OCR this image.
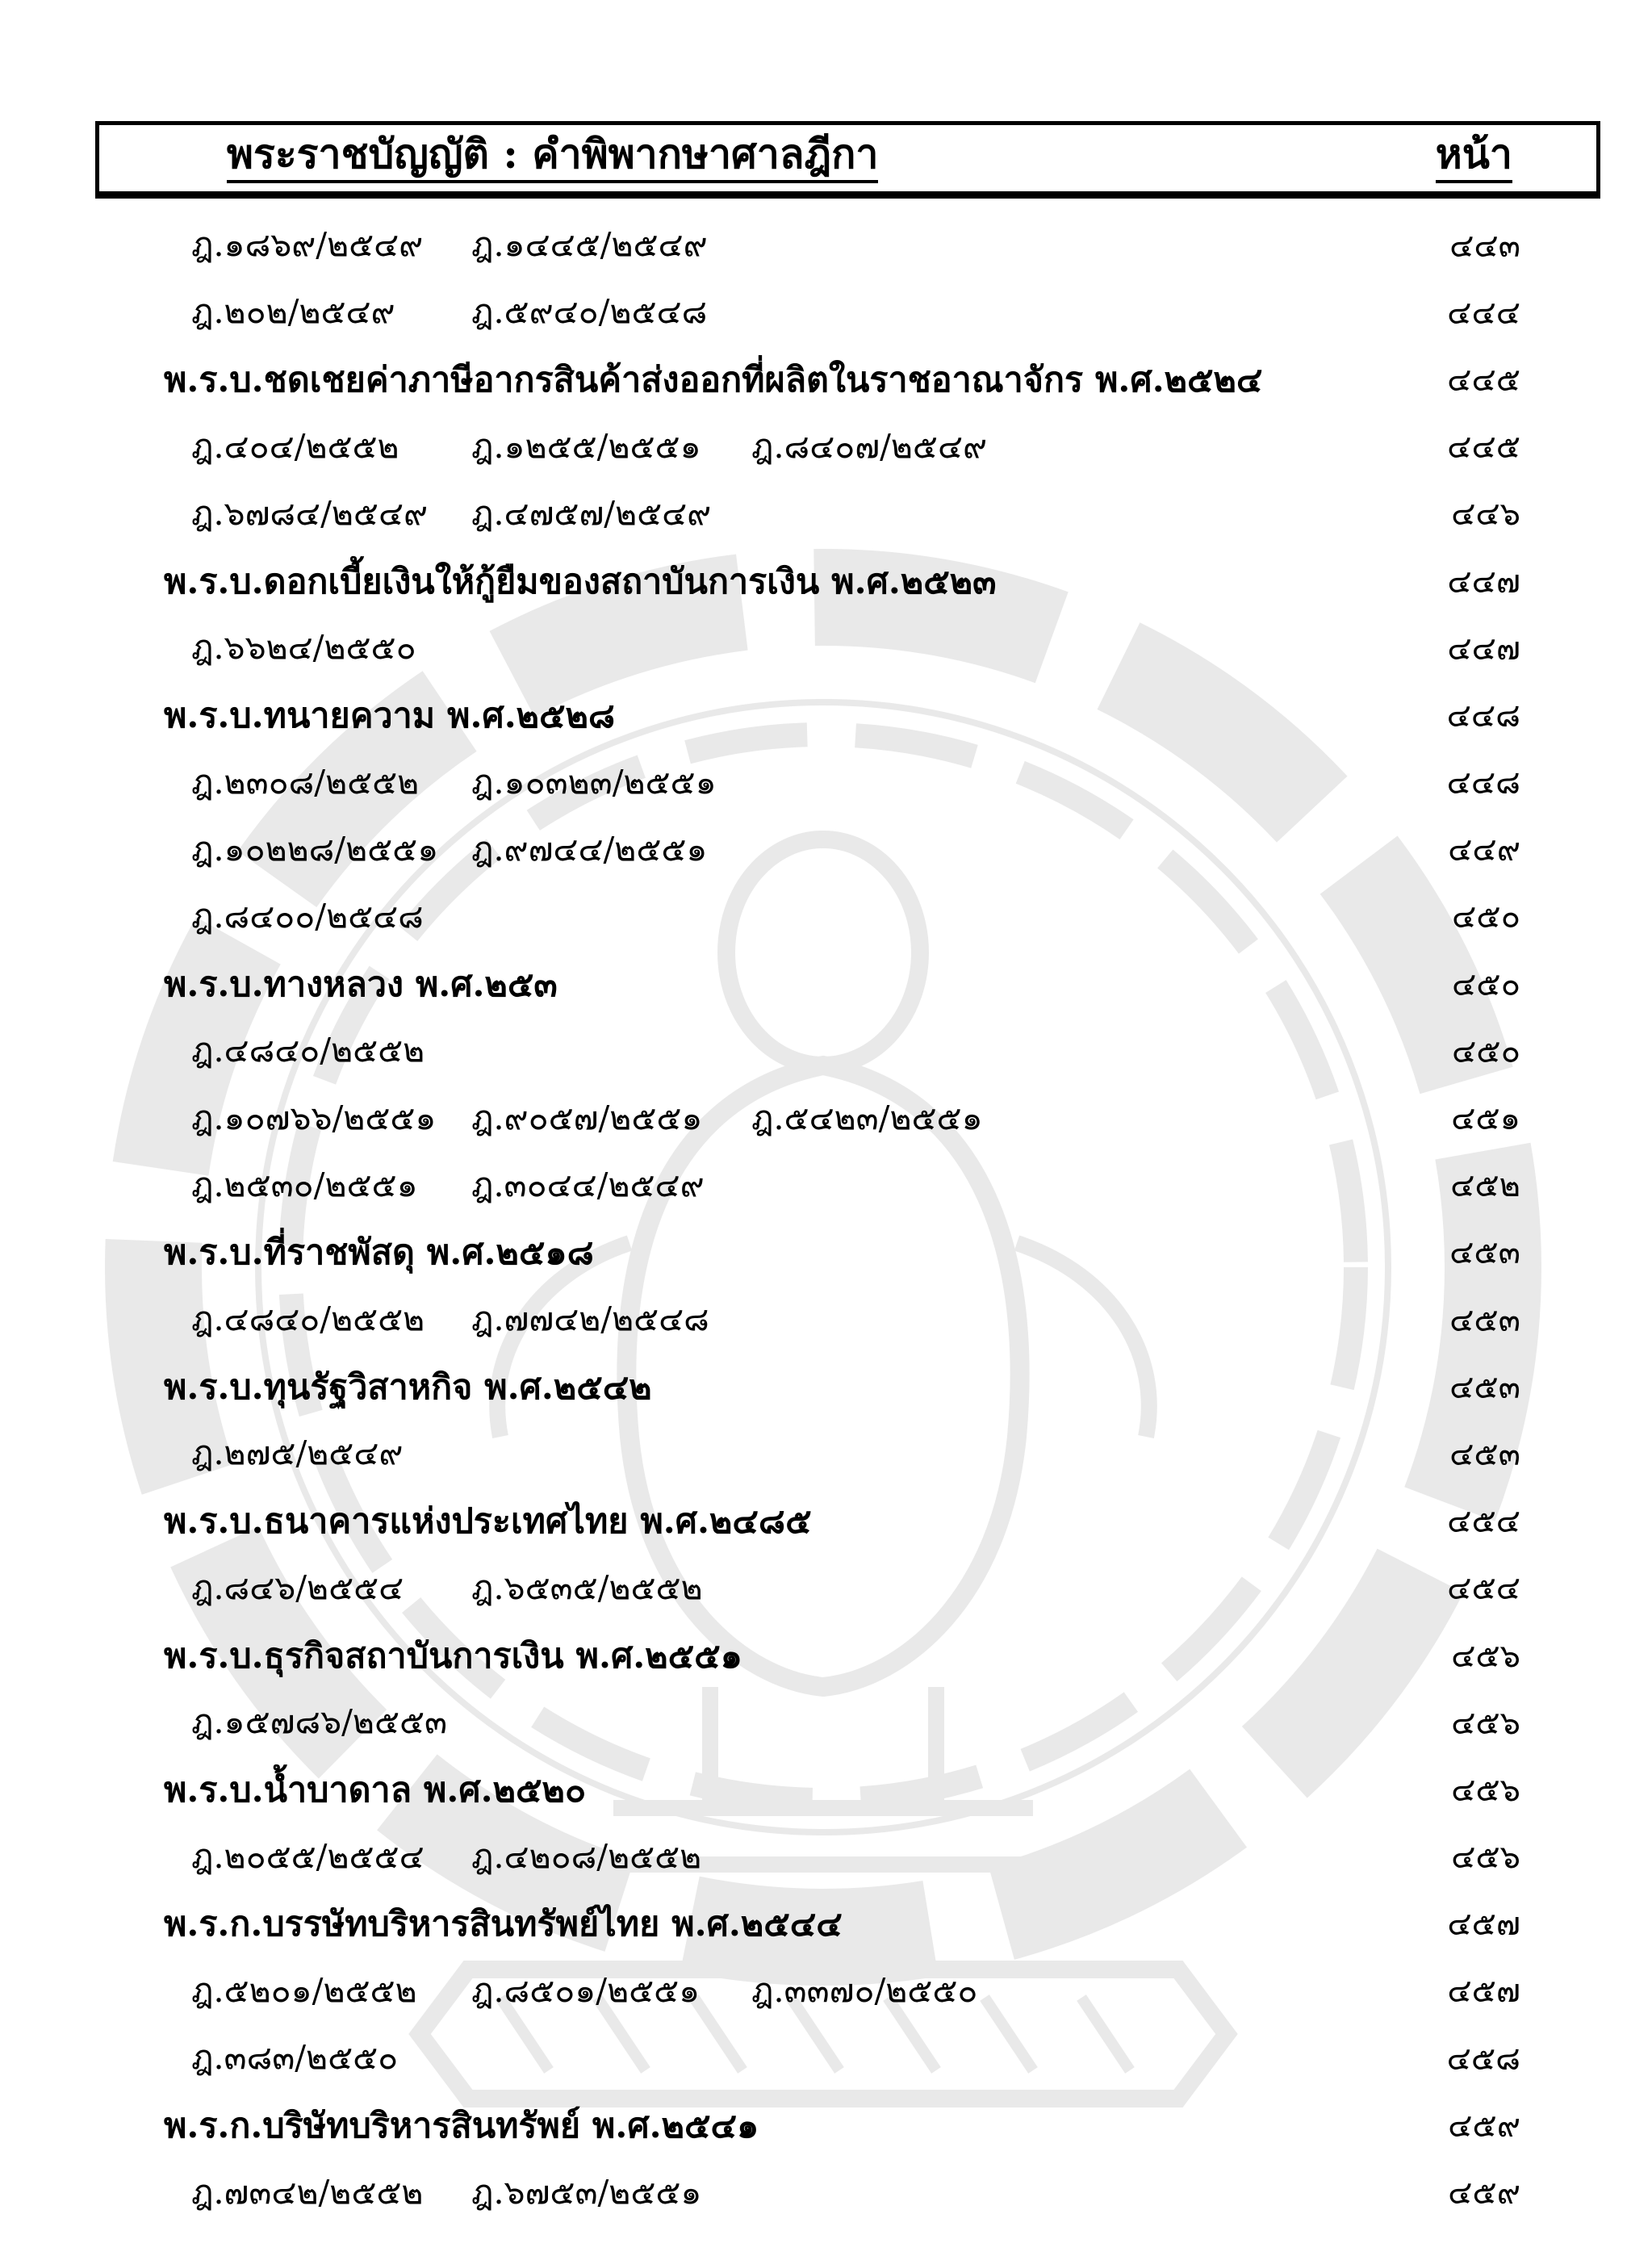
พระราชบัญญัติ : คำพิพากษาศาลฎีกา	หน้า
ฎ.๑๘๖๙/๒๕๔๙ ฎ.๑๔๔๕/๒๕๔๙	๔๔๓
ฎ.๒๐๒/๒๕๔๙ ฎ.๕๙๔๐/๒๕๔๘	๔๔๔
พ.ร.บ.ชดเชยค่าภาษีอากรสินค้าส่งออกที่ผลิตในราชอาณาจักร พ.ศ.๒๕๒๔	๔๔๕
ฎ.๔๐๔/๒๕๕๒ ฎ.๑๒๕๕/๒๕๕๑ ฎ.๘๔๐๗/๒๕๔๙	๔๔๕
ฎ.๖๗๘๔/๒๕๔๙ ฎ.๔๗๕๗/๒๕๔๙	๔๔๖
พ.ร.บ.ดอกเบี้ยเงินให้กู้ยืมของสถาบันการเงิน พ.ศ.๒๕๒๓	๔๔๗
ฎ.๖๖๒๔/๒๕๕๐	๔๔๗
พ.ร.บ.ทนายความ พ.ศ.๒๕๒๘	๔๔๘
ฎ.๒๓๐๘/๒๕๕๒ ฎ.๑๐๓๒๓/๒๕๕๑	๔๔๘
ฎ.๑๐๒๒๘/๒๕๕๑ ฎ.๙๗๔๔/๒๕๕๑	๔๔๙
ฎ.๘๔๐๐/๒๕๔๘	๔๕๐
พ.ร.บ.ทางหลวง พ.ศ.๒๕๓	๔๕๐
ฎ.๔๘๔๐/๒๕๕๒	๔๕๐
ฎ.๑๐๗๖๖/๒๕๕๑ ฎ.๙๐๕๗/๒๕๕๑ ฎ.๕๔๒๓/๒๕๕๑	๔๕๑
ฎ.๒๕๓๐/๒๕๕๑ ฎ.๓๐๔๔/๒๕๔๙	๔๕๒
พ.ร.บ.ที่ราชพัสดุ พ.ศ.๒๕๑๘	๔๕๓
ฎ.๔๘๔๐/๒๕๕๒ ฎ.๗๗๔๒/๒๕๔๘	๔๕๓
พ.ร.บ.ทุนรัฐวิสาหกิจ พ.ศ.๒๕๔๒	๔๕๓
ฎ.๒๗๕/๒๕๔๙	๔๕๓
พ.ร.บ.ธนาคารแห่งประเทศไทย พ.ศ.๒๔๘๕	๔๕๔
ฎ.๘๔๖/๒๕๕๔ ฎ.๖๕๓๕/๒๕๕๒	๔๕๔
พ.ร.บ.ธุรกิจสถาบันการเงิน พ.ศ.๒๕๕๑	๔๕๖
ฎ.๑๕๗๘๖/๒๕๕๓	๔๕๖
พ.ร.บ.น้ำบาดาล พ.ศ.๒๕๒๐	๔๕๖
ฎ.๒๐๕๕/๒๕๕๔ ฎ.๔๒๐๘/๒๕๕๒	๔๕๖
พ.ร.ก.บรรษัทบริหารสินทรัพย์ไทย พ.ศ.๒๕๔๔	๔๕๗
ฎ.๕๒๐๑/๒๕๕๒ ฎ.๘๕๐๑/๒๕๕๑ ฎ.๓๓๗๐/๒๕๕๐	๔๕๗
ฎ.๓๘๓/๒๕๕๐	๔๕๘
พ.ร.ก.บริษัทบริหารสินทรัพย์ พ.ศ.๒๕๔๑	๔๕๙
ฎ.๗๓๔๒/๒๕๕๒ ฎ.๖๗๕๓/๒๕๕๑	๔๕๙
